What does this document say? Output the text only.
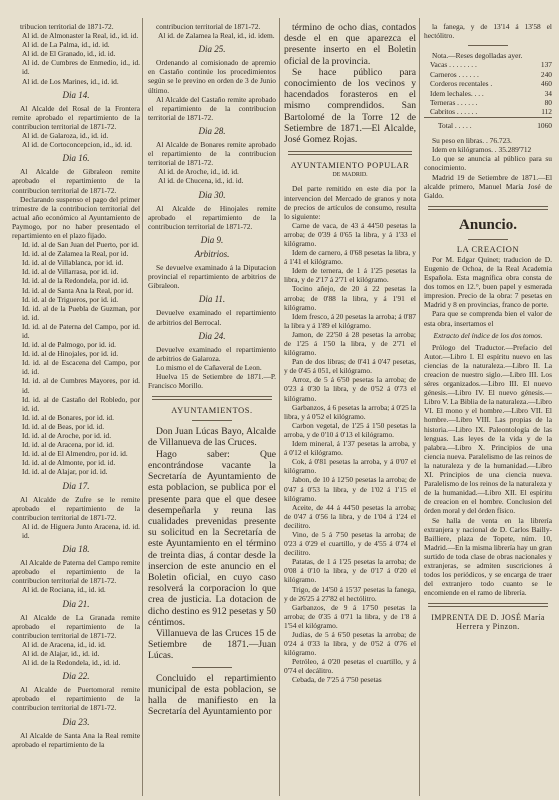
tribucion territorial de 1871-72.

Al id. de Almonaster la Real, id., id. id.

Al id. de La Palma, id., id. id.

Al id. de El Granado, id., id. id.

Al id. de Cumbres de Enmedio, id., id. id.

Al id. de Los Marines, id., id. id.

Dia 14.

Al Alcalde del Rosal de la Frontera remite aprobado el repartimiento de la contribucion territorial de 1871-72.

Al id. de Galaroza, id., id. id.

Al id. de Cortoconcepcion, id., id. id.

Dia 16.

Al Alcalde de Gibraleon remite aprobado el repartimiento de la contribucion territorial de 1871-72.

Declarando suspenso el pago del primer trimestre de la contribucion territorial del actual año económico al Ayuntamiento de Paymogo, por no haber presentado el repartimiento en el plazo fijado.

Id. id. al de San Juan del Puerto, por id.

Id. id. al de Zalamea la Real, por id.

Id. id. al de Villablanca, por id. id.

Id. id. al de Villarrasa, por id. id.

Id. id. al de la Redondela, por id. id.

Id. id. al de Santa Ana la Real, por id.

Id. id. al de Trigueros, por id. id.

Id. id. al de la Puebla de Guzman, por id. id.

Id. id. al de Paterna del Campo, por id. id.

Id. id. al de Palmogo, por id. id.

Id. id. al de Hinojales, por id. id.

Id. id. al de Escacena del Campo, por id. id.

Id. id. al de Cumbres Mayores, por id. id.

Id. id. al de Castaño del Robledo, por id. id.

Id. id. al de Bonares, por id. id.

Id. id. al de Beas, por id. id.

Id. id. al de Aroche, por id. id.

Id. id. al de Aracena, por id. id.

Id. id. al de El Almendro, por id. id.

Id. id. al de Almonte, por id. id.

Id. id. al de Alajar, por id. id.

Dia 17.

Al Alcalde de Zufre se le remite aprobado el repartimiento de la contribucion territorial de 1871-72.

Al id. de Higuera Junto Aracena, id. id. id.

Dia 18.

Al Alcalde de Paterna del Campo remite aprobado el repartimiento de la contribucion territorial de 1871-72.

Al id. de Rociana, id., id. id.

Dia 21.

Al Alcalde de La Granada remite aprobado el repartimiento de la contribucion territorial de 1871-72.

Al id. de Aracena, id., id. id.

Al id. de Alajar, id., id. id.

Al id. de la Redondela, id., id. id.

Dia 22.

Al Alcalde de Puertomoral remite aprobado el repartimiento de la contribucion territorial de 1871-72.

Dia 23.

Al Alcalde de Santa Ana la Real remite aprobado el repartimiento de la

contribucion territorial de 1871-72.

Al id. de Zalamea la Real, id., id. idem.

Dia 25.

Ordenando al comisionado de apremio en Castaño continúe los procedimientos según se le previno en orden de 3 de Junio último.

Al Alcalde del Castaño remite aprobado el repartimiento de la contribucion territorial de 1871-72.

Dia 28.

Al Alcalde de Bonares remite aprobado el repartimiento de la contribucion territorial de 1871-72.

Al id. de Aroche, id., id. id.

Al id. de Chucena, id., id. id.

Dia 30.

Al Alcalde de Hinojales remite aprobado el repartimiento de la contribucion territorial de 1871-72.

Dia 9.
Arbitrios.

Se devuelve examinado á la Diputacion provincial el repartimiento de arbitrios de Gibraleon.

Dia 11.

Devuelve examinado el repartimiento de arbitrios del Berrocal.

Dia 24.

Devuelve examinado el repartimiento de arbitrios de Galaroza.

Lo mismo el de Cañaveral de Leon.

Huelva 15 de Setiembre de 1871.—P. Francisco Morillo.

AYUNTAMIENTOS.

Don Juan Lúcas Bayo, Alcalde de Villanueva de las Cruces.

Hago saber: Que encontrándose vacante la Secretaría de Ayuntamiento de esta poblacion, se publica por el presente para que el que desee desempeñarla y reuna las cualidades prevenidas presente su solicitud en la Secretaría de este Ayuntamiento en el término de treinta dias, á contar desde la insercion de este anuncio en el Boletin oficial, en cuyo caso resolverá la corporacion lo que crea de justicia. La dotacion de dicho destino es 912 pesetas y 50 céntimos.

Villanueva de las Cruces 15 de Setiembre de 1871.—Juan Lúcas.

Concluido el repartimiento municipal de esta poblacion, se halla de manifiesto en la Secretaría del Ayuntamiento por

término de ocho dias, contados desde el en que aparezca el presente inserto en el Boletin oficial de la provincia.

Se hace público para conocimiento de los vecinos y hacendados forasteros en el mismo comprendidos. San Bartolomé de la Torre 12 de Setiembre de 1871.—El Alcalde, José Gomez Rojas.

AYUNTAMIENTO POPULAR

DE MADRID.

Del parte remitido en este dia por la intervencion del Mercado de granos y nota de precios de artículos de consumo, resulta lo siguiente:

Carne de vaca, de 43 á 44'50 pesetas la arroba; de 0'39 á 0'65 la libra, y á 1'33 el kilógramo.

Idem de carnero, á 0'68 pesetas la libra, y á 1'41 el kilógramo.

Idem de ternera, de 1 á 1'25 pesetas la libra, y de 2'17 á 2'71 el kilógramo.

Tocino añejo, de 20 á 22 pesetas la arroba; de 0'88 la libra, y á 1'91 el kilógramo.

Idem fresco, á 20 pesetas la arroba; á 0'87 la libra y á 1'89 el kilógramo.

Jamon, de 22'50 á 28 pesetas la arroba; de 1'25 á 1'50 la libra, y de 2'71 el kilógramo.

Pan de dos libras; de 0'41 á 0'47 pesetas, y de 0'45 á 051, el kilógramo.

Arroz, de 5 á 6'50 pesetas la arroba; de 0'23 á 0'30 la libra, y de 0'52 á 0'73 el kilógramo.

Garbanzos, á 6 pesetas la arroba; á 0'25 la libra, y á 0'52 el kilógramo.

Carbon vegetal, de 1'25 á 1'50 pesetas la arroba, y de 0'10 á 0'13 el kilógramo.

Idem mineral, á 1'37 pesetas la arroba, y á 0'12 el kilógramo.

Cok, á 0'81 pesetas la arroba, y á 0'07 el kilógramo.

Jabon, de 10 á 12'50 pesetas la arroba; de 0'47 á 0'53 la libra, y de 1'02 á 1'15 el kilógramo.

Aceite, de 44 á 44'50 pesetas la arroba; de 0'47 á 0'56 la libra, y de 1'04 á 1'24 el decilitro.

Vino, de 5 á 7'50 pesetas la arroba; de 0'23 á 0'29 el cuartillo, y de 4'55 á 0'74 el decilitro.

Patatas, de 1 á 1'25 pesetas la arroba; de 0'08 á 0'10 la libra, y de 0'17 á 0'20 el kilógramo.

Trigo, de 14'50 á 15'37 pesetas la fanega, y de 26'25 á 27'82 el hectólitro.

Garbanzos, de 9 á 17'50 pesetas la arroba; de 0'35 á 0'71 la libra, y de 1'8 á 1'54 el kilógramo.

Judías, de 5 á 6'50 pesetas la arroba; de 0'24 á 0'33 la libra, y de 0'52 á 0'76 el kilógramo.

Petróleo, á 0'20 pesetas el cuartillo, y á 0'74 el decálitro.

Cebada, de 7'25 á 7'50 pesetas

la fanega, y de 13'14 á 13'58 el hectólitro.

Nota.—Reses degolladas ayer.

Vacas . . . . . . . .	137
Carneros . . . . . .	240
Corderos recentales .	460
Idem lechales. . . .	34
Terneras . . . . . .	80
Cabritos . . . . . .	112
Total . . . . .	1060

Su peso en libras. . 76.723.

Idem en kilógramos. . 35.289'712

Lo que se anuncia al público para su conocimiento.

Madrid 19 de Setiembre de 1871.—El alcalde primero, Manuel María José de Galdo.

Anuncio.
LA CREACION

Por M. Edgar Quinet; traducion de D. Eugenio de Ochoa, de la Real Academia Española. Esta magnífica obra consta de dos tomos en 12.°, buen papel y esmerada impresion. Precio de la obra: 7 pesetas en Madrid y 8 en provincias, franco de porte.

Para que se comprenda bien el valor de esta obra, insertamos el

Extracto del índice de los dos tomos.

Prólogo del Traductor.—Prefacio del Autor.—Libro I. El espíritu nuevo en las ciencias de la naturaleza.—Libro II. La creacion de nuestro siglo.—Libro III. Los séres organizados.—Libro III. El nuevo génesis.—Libro IV. El nuevo génesis.—Libro V. La Biblia de la naturaleza.—Libro VI. El mono y el hombre.—Libro VII. El hombre.—Libro VIII. Las propias de la historia.—Libro IX. Paleontología de las lenguas. Las leyes de la vida y de la palabra.—Libro X. Principios de una ciencia nueva. Paralelismo de las reinos de la naturaleza y de la humanidad.—Libro XI. Principios de una ciencia nueva. Paralelismo de los reinos de la naturaleza y de la humanidad.—Libro XII. El espíritu de creacion en el hombre. Conclusion del órden moral y del órden físico.

Se halla de venta en la librería extranjera y nacional de D. Carlos Bailly-Bailliere, plaza de Topete, núm. 10, Madrid.—En la misma librería hay un gran surtido de toda clase de obras nacionales y extranjeras, se admiten suscriciones á todos los periódicos, y se encarga de traer del extranjero todo cuanto se le encomiende en el ramo de librería.

IMPRENTA DE D. JOSÉ María Herrera y Pinzon.
